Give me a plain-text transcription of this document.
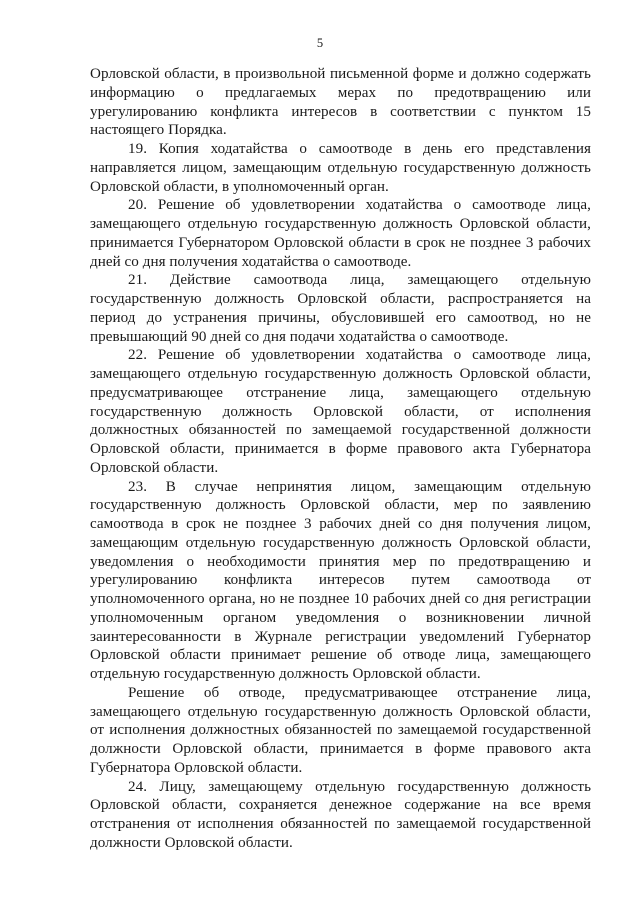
5

Орловской области, в произвольной письменной форме и должно содержать информацию о предлагаемых мерах по предотвращению или урегулированию конфликта интересов в соответствии с пунктом 15 настоящего Порядка.

19. Копия ходатайства о самоотводе в день его представления направляется лицом, замещающим отдельную государственную должность Орловской области, в уполномоченный орган.

20. Решение об удовлетворении ходатайства о самоотводе лица, замещающего отдельную государственную должность Орловской области, принимается Губернатором Орловской области в срок не позднее 3 рабочих дней со дня получения ходатайства о самоотводе.

21. Действие самоотвода лица, замещающего отдельную государственную должность Орловской области, распространяется на период до устранения причины, обусловившей его самоотвод, но не превышающий 90 дней со дня подачи ходатайства о самоотводе.

22. Решение об удовлетворении ходатайства о самоотводе лица, замещающего отдельную государственную должность Орловской области, предусматривающее отстранение лица, замещающего отдельную государственную должность Орловской области, от исполнения должностных обязанностей по замещаемой государственной должности Орловской области, принимается в форме правового акта Губернатора Орловской области.

23. В случае непринятия лицом, замещающим отдельную государственную должность Орловской области, мер по заявлению самоотвода в срок не позднее 3 рабочих дней со дня получения лицом, замещающим отдельную государственную должность Орловской области, уведомления о необходимости принятия мер по предотвращению и урегулированию конфликта интересов путем самоотвода от уполномоченного органа, но не позднее 10 рабочих дней со дня регистрации уполномоченным органом уведомления о возникновении личной заинтересованности в Журнале регистрации уведомлений Губернатор Орловской области принимает решение об отводе лица, замещающего отдельную государственную должность Орловской области.

Решение об отводе, предусматривающее отстранение лица, замещающего отдельную государственную должность Орловской области, от исполнения должностных обязанностей по замещаемой государственной должности Орловской области, принимается в форме правового акта Губернатора Орловской области.

24. Лицу, замещающему отдельную государственную должность Орловской области, сохраняется денежное содержание на все время отстранения от исполнения обязанностей по замещаемой государственной должности Орловской области.
